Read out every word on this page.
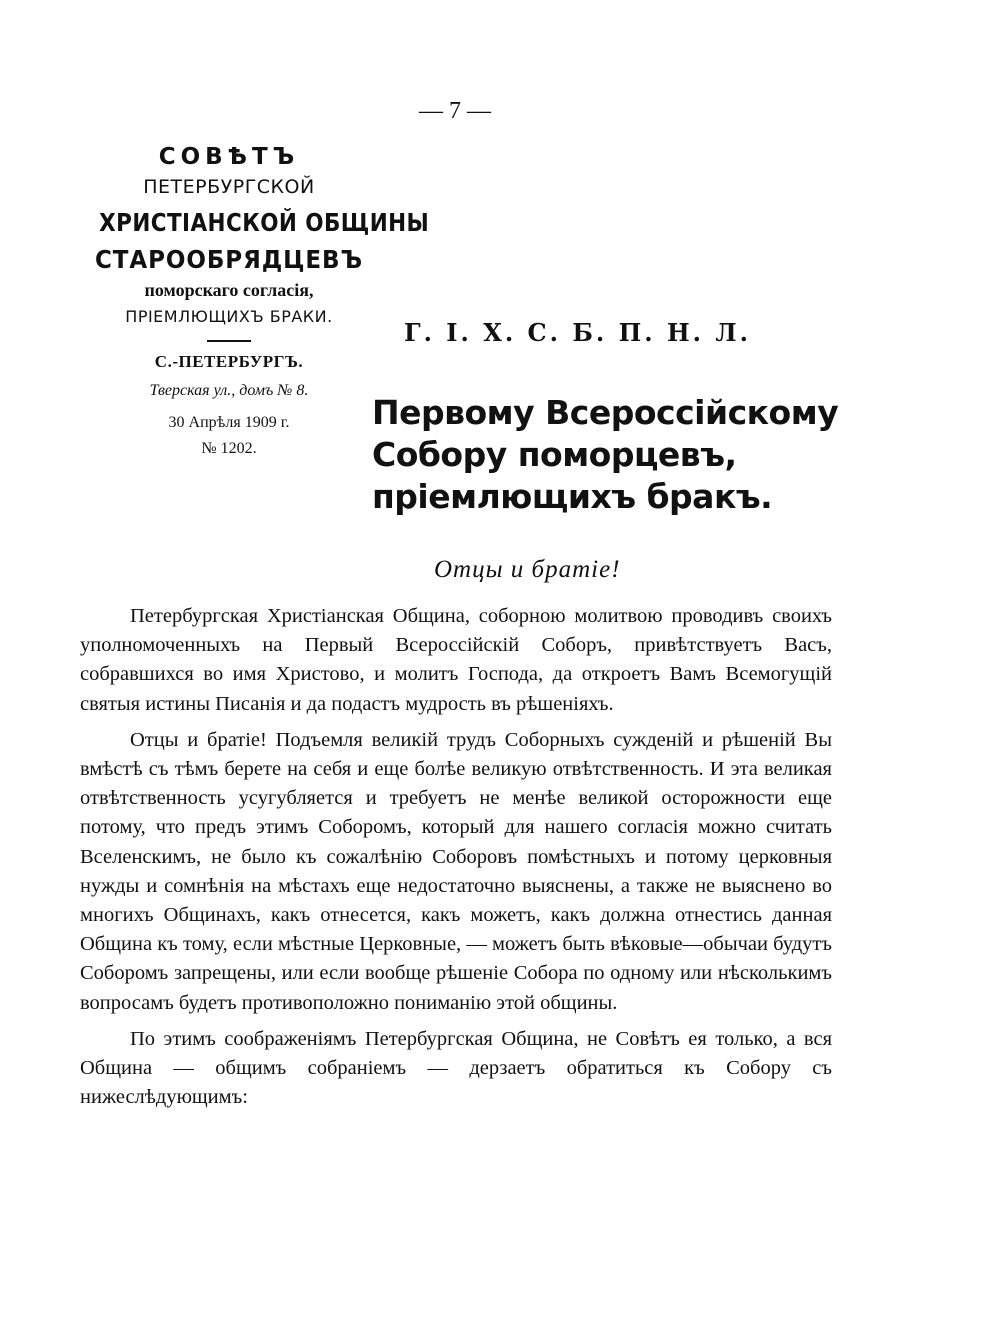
— 7 —
СОВѢТЪ
ПЕТЕРБУРГСКОЙ
ХРИСТІАНСКОЙ ОБЩИНЫ
СТАРООБРЯДЦЕВЪ
поморскаго согласія,
ПРІЕМЛЮЩИХЪ БРАКИ.
С.-ПЕТЕРБУРГЪ.
Тверская ул., домъ № 8.
30 Апрѣля 1909 г.
№ 1202.
Г. І. Х. С. Б. П. Н. Л.
Первому Всероссійскому Собору поморцевъ, пріемлющихъ бракъ.
Отцы и братіе!

Петербургская Христіанская Община, соборною молитвою проводивъ своихъ уполномоченныхъ на Первый Всероссійскій Соборъ, привѣтствуетъ Васъ, собравшихся во имя Христово, и молитъ Господа, да откроетъ Вамъ Всемогущій святыя истины Писанія и да подастъ мудрость въ рѣшеніяхъ.

Отцы и братіе! Подъемля великій трудъ Соборныхъ сужденій и рѣшеній Вы вмѣстѣ съ тѣмъ берете на себя и еще болѣе великую отвѣтственность. И эта великая отвѣтственность усугубляется и требуетъ не менѣе великой осторожности еще потому, что предъ этимъ Соборомъ, который для нашего согласія можно считать Вселенскимъ, не было къ сожалѣнію Соборовъ помѣстныхъ и потому церковныя нужды и сомнѣнія на мѣстахъ еще недостаточно выяснены, а также не выяснено во многихъ Общинахъ, какъ отнесется, какъ можетъ, какъ должна отнестись данная Община къ тому, если мѣстные Церковные, — можетъ быть вѣковые—обычаи будутъ Соборомъ запрещены, или если вообще рѣшеніе Собора по одному или нѣсколькимъ вопросамъ будетъ противоположно пониманію этой общины.

По этимъ соображеніямъ Петербургская Община, не Совѣтъ ея только, а вся Община — общимъ собраніемъ — дерзаетъ обратиться къ Собору съ нижеслѣдующимъ:
